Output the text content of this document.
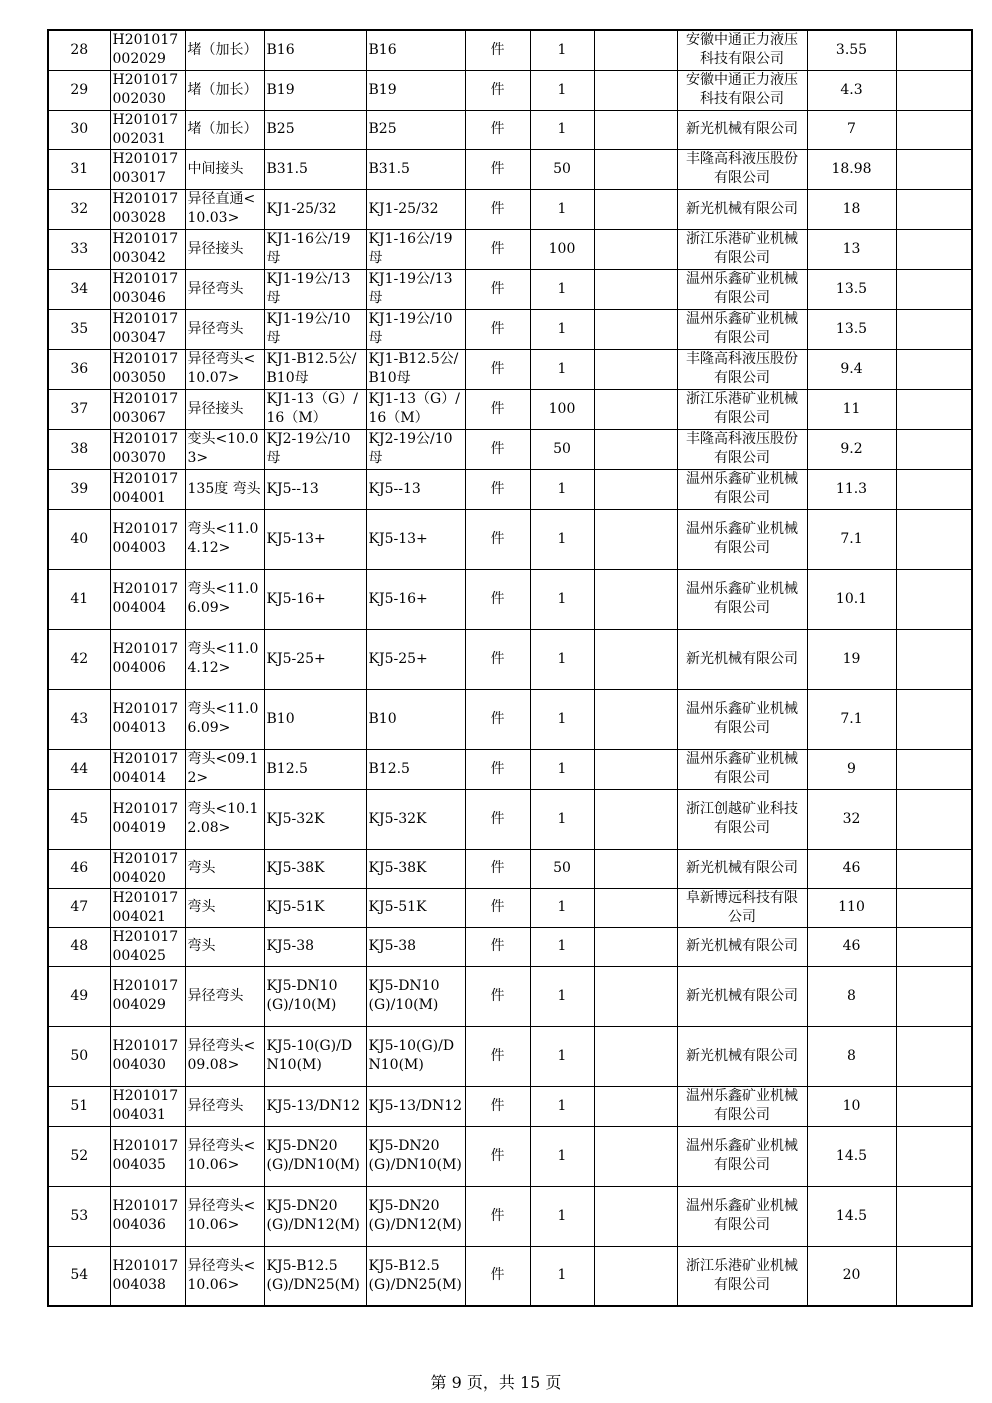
28	H201017002029	堵（加长）	B16	B16	件	1		安徽中通正力液压科技有限公司	3.55	
29	H201017002030	堵（加长）	B19	B19	件	1		安徽中通正力液压科技有限公司	4.3	
30	H201017002031	堵（加长）	B25	B25	件	1		新光机械有限公司	7	
31	H201017003017	中间接头	B31.5	B31.5	件	50		丰隆高科液压股份有限公司	18.98	
32	H201017003028	异径直通<10.03>	KJ1-25/32	KJ1-25/32	件	1		新光机械有限公司	18	
33	H201017003042	异径接头	KJ1-16公/19母	KJ1-16公/19母	件	100		浙江乐港矿业机械有限公司	13	
34	H201017003046	异径弯头	KJ1-19公/13母	KJ1-19公/13母	件	1		温州乐鑫矿业机械有限公司	13.5	
35	H201017003047	异径弯头	KJ1-19公/10母	KJ1-19公/10母	件	1		温州乐鑫矿业机械有限公司	13.5	
36	H201017003050	异径弯头<10.07>	KJ1-B12.5公/B10母	KJ1-B12.5公/B10母	件	1		丰隆高科液压股份有限公司	9.4	
37	H201017003067	异径接头	KJ1-13（G）/16（M）	KJ1-13（G）/16（M）	件	100		浙江乐港矿业机械有限公司	11	
38	H201017003070	变头<10.03>	KJ2-19公/10母	KJ2-19公/10母	件	50		丰隆高科液压股份有限公司	9.2	
39	H201017004001	135度 弯头	KJ5--13	KJ5--13	件	1		温州乐鑫矿业机械有限公司	11.3	
40	H201017004003	弯头<11.04.12>	KJ5-13+	KJ5-13+	件	1		温州乐鑫矿业机械有限公司	7.1	
41	H201017004004	弯头<11.06.09>	KJ5-16+	KJ5-16+	件	1		温州乐鑫矿业机械有限公司	10.1	
42	H201017004006	弯头<11.04.12>	KJ5-25+	KJ5-25+	件	1		新光机械有限公司	19	
43	H201017004013	弯头<11.06.09>	B10	B10	件	1		温州乐鑫矿业机械有限公司	7.1	
44	H201017004014	弯头<09.12>	B12.5	B12.5	件	1		温州乐鑫矿业机械有限公司	9	
45	H201017004019	弯头<10.12.08>	KJ5-32K	KJ5-32K	件	1		浙江创越矿业科技有限公司	32	
46	H201017004020	弯头	KJ5-38K	KJ5-38K	件	50		新光机械有限公司	46	
47	H201017004021	弯头	KJ5-51K	KJ5-51K	件	1		阜新博远科技有限公司	110	
48	H201017004025	弯头	KJ5-38	KJ5-38	件	1		新光机械有限公司	46	
49	H201017004029	异径弯头	KJ5-DN10(G)/10(M)	KJ5-DN10(G)/10(M)	件	1		新光机械有限公司	8	
50	H201017004030	异径弯头<09.08>	KJ5-10(G)/DN10(M)	KJ5-10(G)/DN10(M)	件	1		新光机械有限公司	8	
51	H201017004031	异径弯头	KJ5-13/DN12	KJ5-13/DN12	件	1		温州乐鑫矿业机械有限公司	10	
52	H201017004035	异径弯头<10.06>	KJ5-DN20(G)/DN10(M)	KJ5-DN20(G)/DN10(M)	件	1		温州乐鑫矿业机械有限公司	14.5	
53	H201017004036	异径弯头<10.06>	KJ5-DN20(G)/DN12(M)	KJ5-DN20(G)/DN12(M)	件	1		温州乐鑫矿业机械有限公司	14.5	
54	H201017004038	异径弯头<10.06>	KJ5-B12.5(G)/DN25(M)	KJ5-B12.5(G)/DN25(M)	件	1		浙江乐港矿业机械有限公司	20	
第 9 页，共 15 页
